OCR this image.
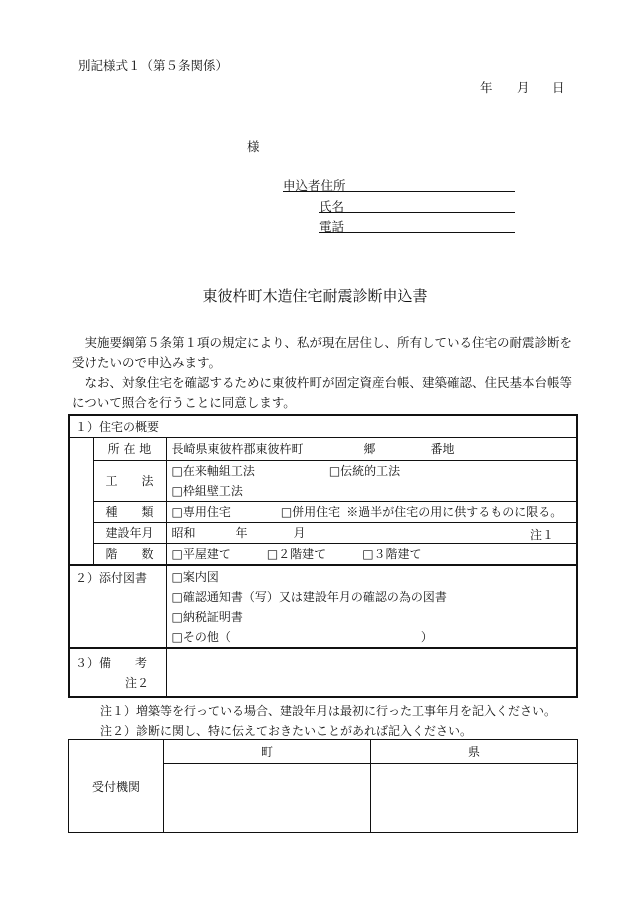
別記様式１（第５条関係）
年 月 日
様
申込者住所
氏名
電話
東彼杵町木造住宅耐震診断申込書
実施要綱第５条第１項の規定により、私が現在居住し、所有している住宅の耐震診断を受けたいので申込みます。
なお、対象住宅を確認するために東彼杵町が固定資産台帳、建築確認、住民基本台帳等について照合を行うことに同意します。
１）住宅の概要		
	所 在 地	長崎県東彼杵郡東彼杵町 郷 番地
	工　　法	□在来軸組工法 □伝統的工法
□枠組壁工法
	種　　類	□専用住宅 □併用住宅 ※過半が住宅の用に供するものに限る。
	建設年月	昭和 年 月 注１

	階　　数	□平屋建て □２階建て □３階建て

２）添付図書		□案内図
□確認通知書（写）又は建設年月の確認の為の図書
□納税証明書
□その他（ ）
３）備　　考
注２		
注１）増築等を行っている場合、建設年月は最初に行った工事年月を記入ください。
注２）診断に関し、特に伝えておきたいことがあれば記入ください。
受付機関	町	県
